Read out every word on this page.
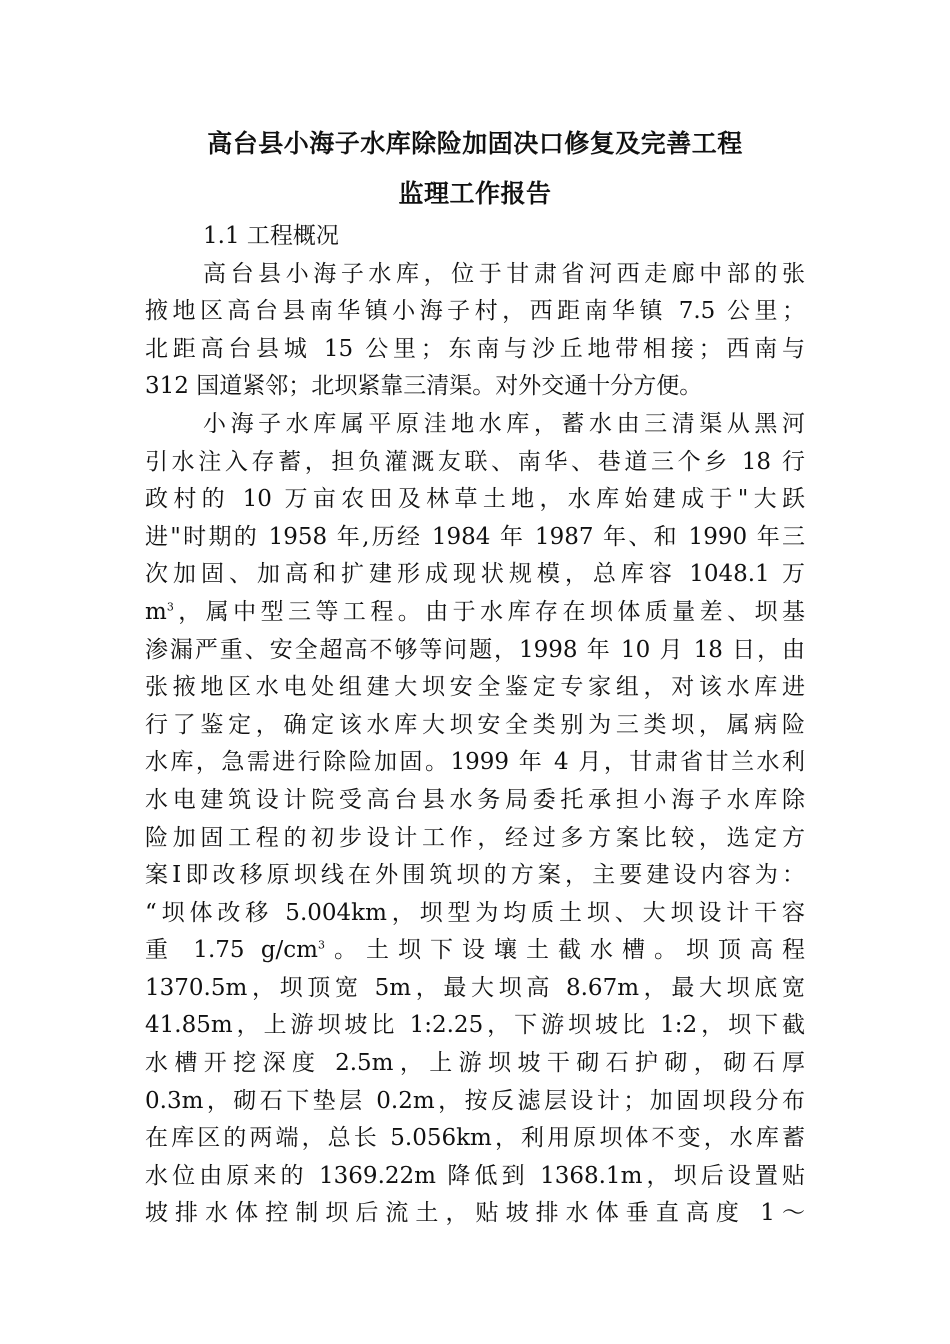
高台县小海子水库除险加固决口修复及完善工程
监理工作报告
1.1 工程概况
高台县小海子水库，位于甘肃省河西走廊中部的张
掖地区高台县南华镇小海子村，西距南华镇 7.5 公里；
北距高台县城 15 公里；东南与沙丘地带相接；西南与
312 国道紧邻；北坝紧靠三清渠。对外交通十分方便。
小海子水库属平原洼地水库，蓄水由三清渠从黑河
引水注入存蓄，担负灌溉友联、南华、巷道三个乡 18 行
政村的 10 万亩农田及林草土地，水库始建成于"大跃
进"时期的 1958 年,历经 1984 年 1987 年、和 1990 年三
次加固、加高和扩建形成现状规模，总库容 1048.1 万
$m^3$，属中型三等工程。由于水库存在坝体质量差、坝基
渗漏严重、安全超高不够等问题，1998 年 10 月 18 日，由
张掖地区水电处组建大坝安全鉴定专家组，对该水库进
行了鉴定，确定该水库大坝安全类别为三类坝，属病险
水库，急需进行除险加固。1999 年 4 月，甘肃省甘兰水利
水电建筑设计院受高台县水务局委托承担小海子水库除
险加固工程的初步设计工作，经过多方案比较，选定方
案I即改移原坝线在外围筑坝的方案，主要建设内容为：
“坝体改移 5.004km，坝型为均质土坝、大坝设计干容
重 1.75 $g/cm^3$。土坝下设壤土截水槽。坝顶高程
1370.5m，坝顶宽 5m，最大坝高 8.67m，最大坝底宽
41.85m，上游坝坡比 1:2.25，下游坝坡比 1:2，坝下截
水槽开挖深度 2.5m，上游坝坡干砌石护砌，砌石厚
0.3m，砌石下垫层 0.2m，按反滤层设计；加固坝段分布
在库区的两端，总长 5.056km，利用原坝体不变，水库蓄
水位由原来的 1369.22m 降低到 1368.1m，坝后设置贴
坡排水体控制坝后流土，贴坡排水体垂直高度 1～
